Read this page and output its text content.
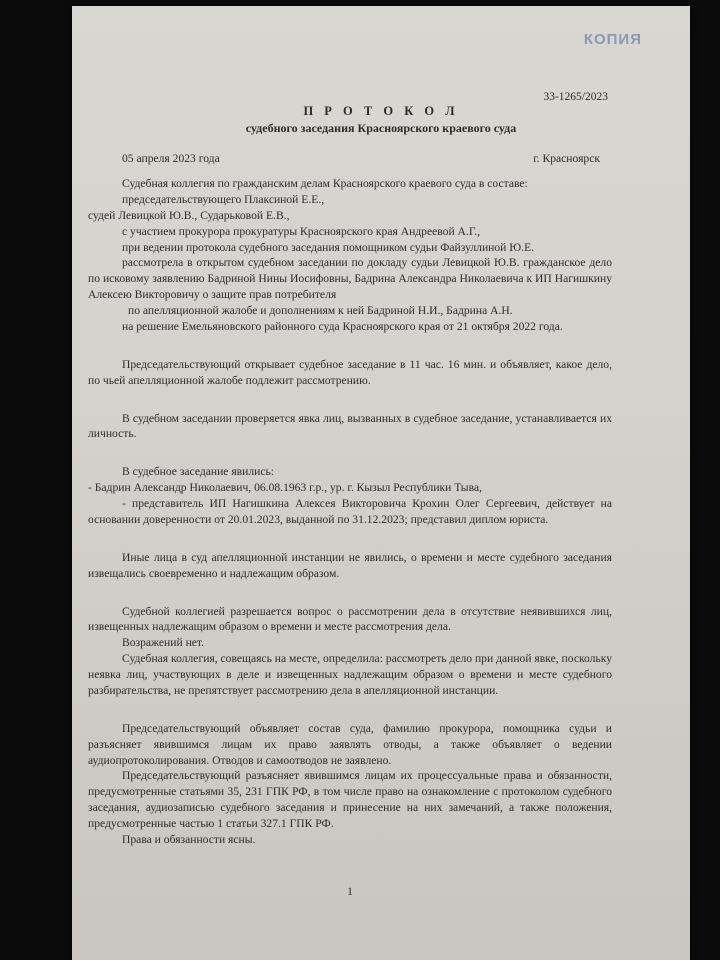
КОПИЯ
33-1265/2023
П Р О Т О К О Л
судебного заседания Красноярского краевого суда
05 апреля 2023 года	г. Красноярск

Судебная коллегия по гражданским делам Красноярского краевого суда в составе:
председательствующего Плаксиной Е.Е.,
судей Левицкой Ю.В., Сударьковой Е.В.,
с участием прокурора прокуратуры Красноярского края Андреевой А.Г.,
при ведении протокола судебного заседания помощником судьи Файзуллиной Ю.Е.
рассмотрела в открытом судебном заседании по докладу судьи Левицкой Ю.В. гражданское дело по исковому заявлению Бадриной Нины Иосифовны, Бадрина Александра Николаевича к ИП Нагишкину Алексею Викторовичу о защите прав потребителя
по апелляционной жалобе и дополнениям к ней Бадриной Н.И., Бадрина А.Н.
на решение Емельяновского районного суда Красноярского края от 21 октября 2022 года.

Председательствующий открывает судебное заседание в 11 час. 16 мин. и объявляет, какое дело, по чьей апелляционной жалобе подлежит рассмотрению.

В судебном заседании проверяется явка лиц, вызванных в судебное заседание, устанавливается их личность.

В судебное заседание явились:
- Бадрин Александр Николаевич, 06.08.1963 г.р., ур. г. Кызыл Республики Тыва,
- представитель ИП Нагишкина Алексея Викторовича Крохин Олег Сергеевич, действует на основании доверенности от 20.01.2023, выданной по 31.12.2023; представил диплом юриста.

Иные лица в суд апелляционной инстанции не явились, о времени и месте судебного заседания извещались своевременно и надлежащим образом.

Судебной коллегией разрешается вопрос о рассмотрении дела в отсутствие неявившихся лиц, извещенных надлежащим образом о времени и месте рассмотрения дела.

Возражений нет.

Судебная коллегия, совещаясь на месте, определила: рассмотреть дело при данной явке, поскольку неявка лиц, участвующих в деле и извещенных надлежащим образом о времени и месте судебного разбирательства, не препятствует рассмотрению дела в апелляционной инстанции.

Председательствующий объявляет состав суда, фамилию прокурора, помощника судьи и разъясняет явившимся лицам их право заявлять отводы, а также объявляет о ведении аудиопротоколирования. Отводов и самоотводов не заявлено.

Председательствующий разъясняет явившимся лицам их процессуальные права и обязанности, предусмотренные статьями 35, 231 ГПК РФ, в том числе право на ознакомление с протоколом судебного заседания, аудиозаписью судебного заседания и принесение на них замечаний, а также положения, предусмотренные частью 1 статьи 327.1 ГПК РФ.

Права и обязанности ясны.

1
